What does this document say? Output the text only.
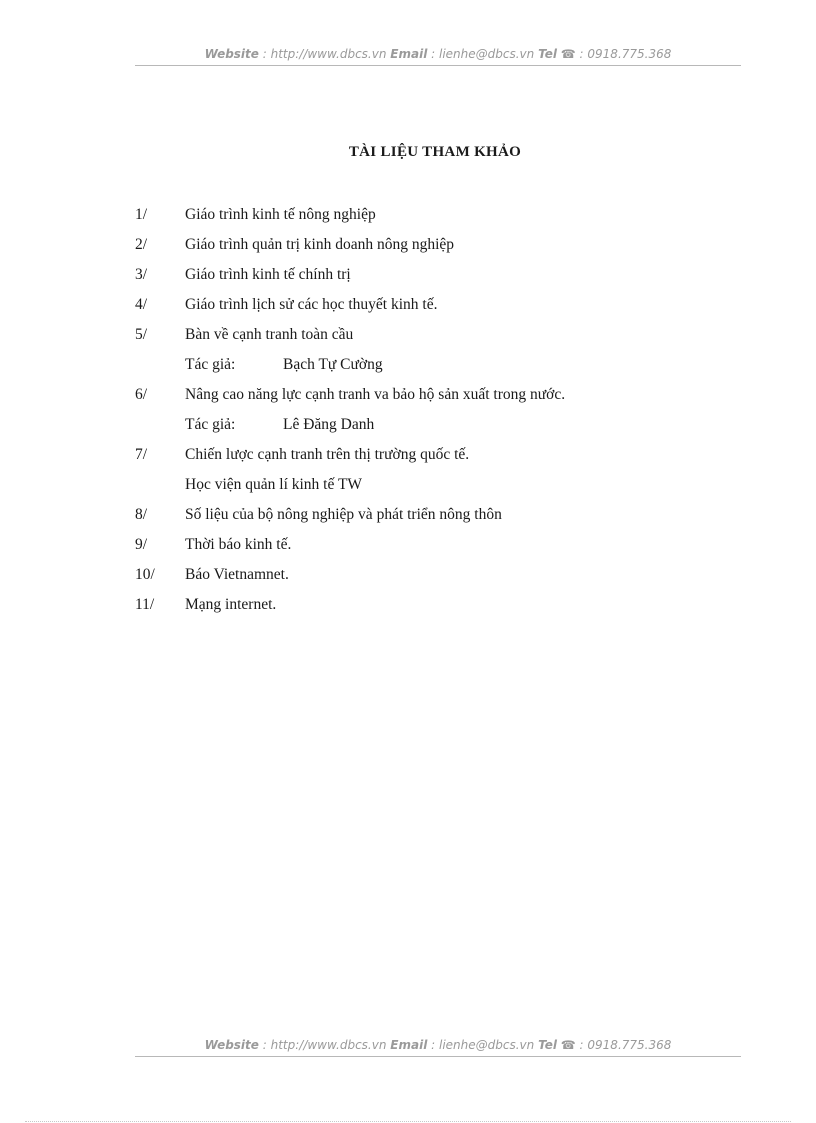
Website : http://www.dbcs.vn Email : lienhe@dbcs.vn Tel ☎ : 0918.775.368
TÀI LIỆU THAM KHẢO
1/ Giáo trình kinh tế nông nghiệp
2/ Giáo trình quản trị kinh doanh nông nghiệp
3/ Giáo trình kinh tế chính trị
4/ Giáo trình lịch sử các học thuyết kinh tế.
5/ Bàn về cạnh tranh toàn cầu
Tác giả:	Bạch Tự Cường
6/ Nâng cao năng lực cạnh tranh va bảo hộ sản xuất trong nước.
Tác giả:	Lê Đăng Danh
7/ Chiến lược cạnh tranh trên thị trường quốc tế.
Học viện quản lí kinh tế TW
8/ Số liệu của bộ nông nghiệp và phát triển nông thôn
9/ Thời báo kinh tế.
10/ Báo Vietnamnet.
11/ Mạng internet.
Website : http://www.dbcs.vn Email : lienhe@dbcs.vn Tel ☎ : 0918.775.368
